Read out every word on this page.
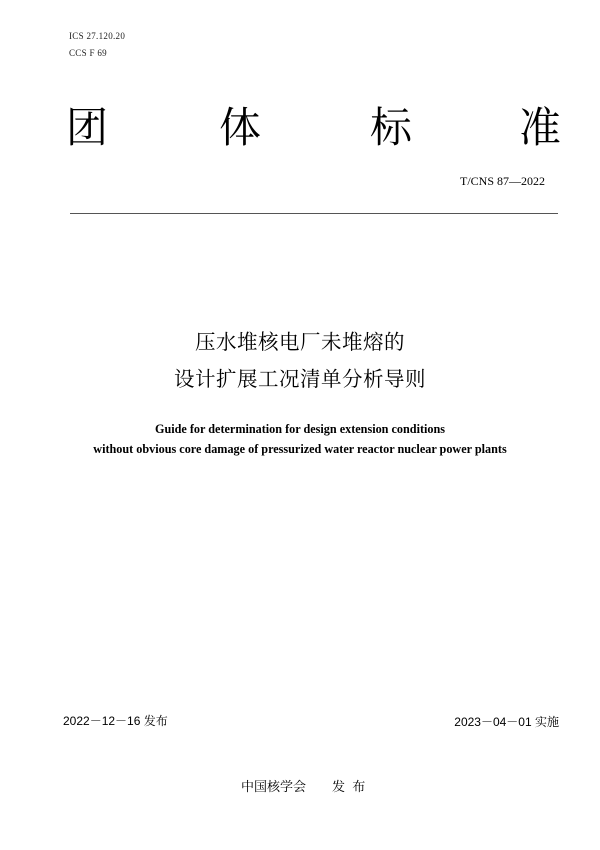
ICS 27.120.20
CCS F 69
团	体	标	准
T/CNS 87—2022
压水堆核电厂未堆熔的
设计扩展工况清单分析导则
Guide for determination for design extension conditions
without obvious core damage of pressurized water reactor nuclear power plants
2022－12－16 发布	2023－04－01 实施
中国核学会 发  布
